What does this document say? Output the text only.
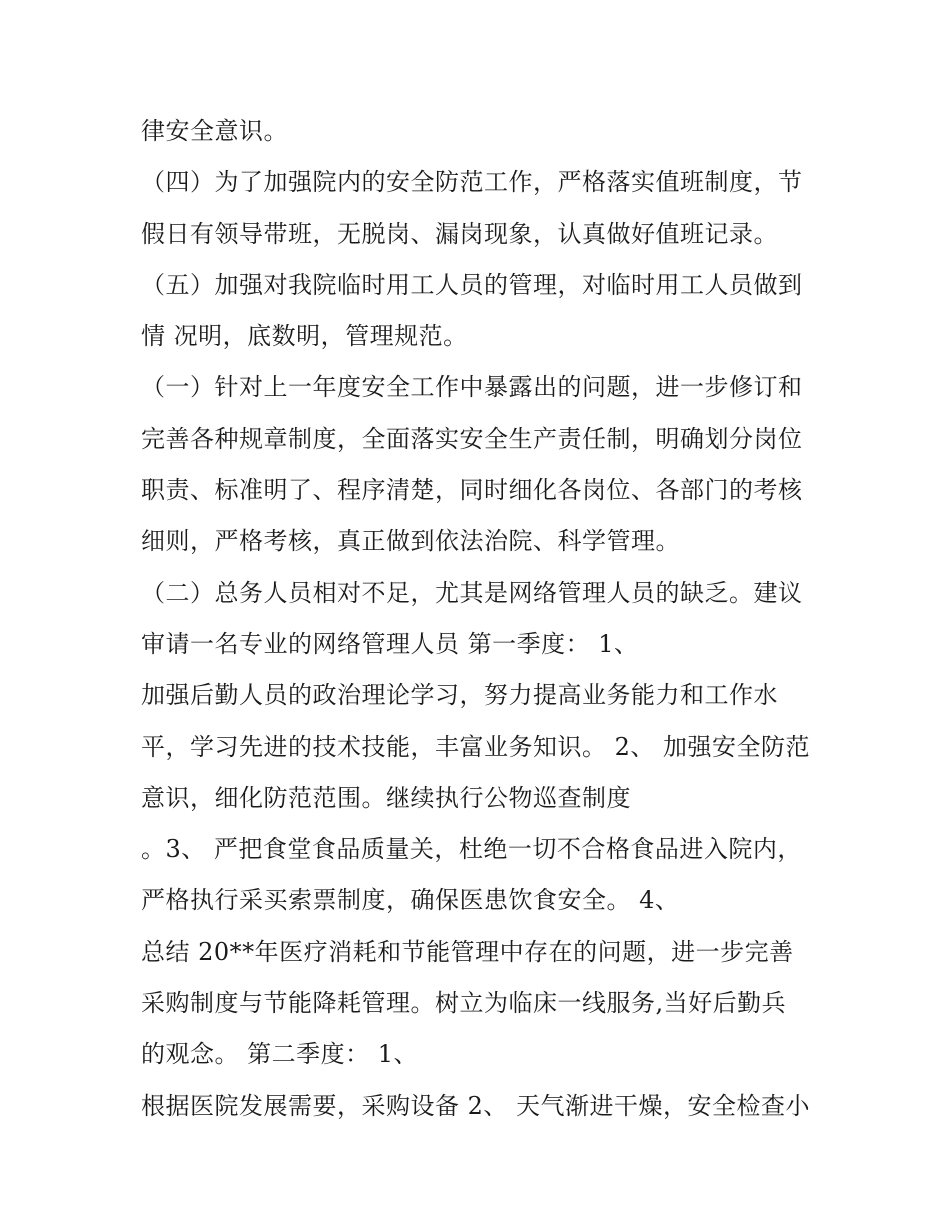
律安全意识。
（四）为了加强院内的安全防范工作，严格落实值班制度，节
假日有领导带班，无脱岗、漏岗现象，认真做好值班记录。
（五）加强对我院临时用工人员的管理，对临时用工人员做到
情 况明，底数明，管理规范。
（一）针对上一年度安全工作中暴露出的问题，进一步修订和
完善各种规章制度，全面落实安全生产责任制，明确划分岗位
职责、标准明了、程序清楚，同时细化各岗位、各部门的考核
细则，严格考核，真正做到依法治院、科学管理。
（二）总务人员相对不足，尤其是网络管理人员的缺乏。建议
审请一名专业的网络管理人员 第一季度： 1、
加强后勤人员的政治理论学习，努力提高业务能力和工作水
平，学习先进的技术技能，丰富业务知识。 2、 加强安全防范
意识，细化防范范围。继续执行公物巡查制度
。3、 严把食堂食品质量关，杜绝一切不合格食品进入院内，
严格执行采买索票制度，确保医患饮食安全。 4、
总结 20**年医疗消耗和节能管理中存在的问题，进一步完善
采购制度与节能降耗管理。树立为临床一线服务,当好后勤兵
的观念。 第二季度： 1、
根据医院发展需要，采购设备 2、 天气渐进干燥，安全检查小
